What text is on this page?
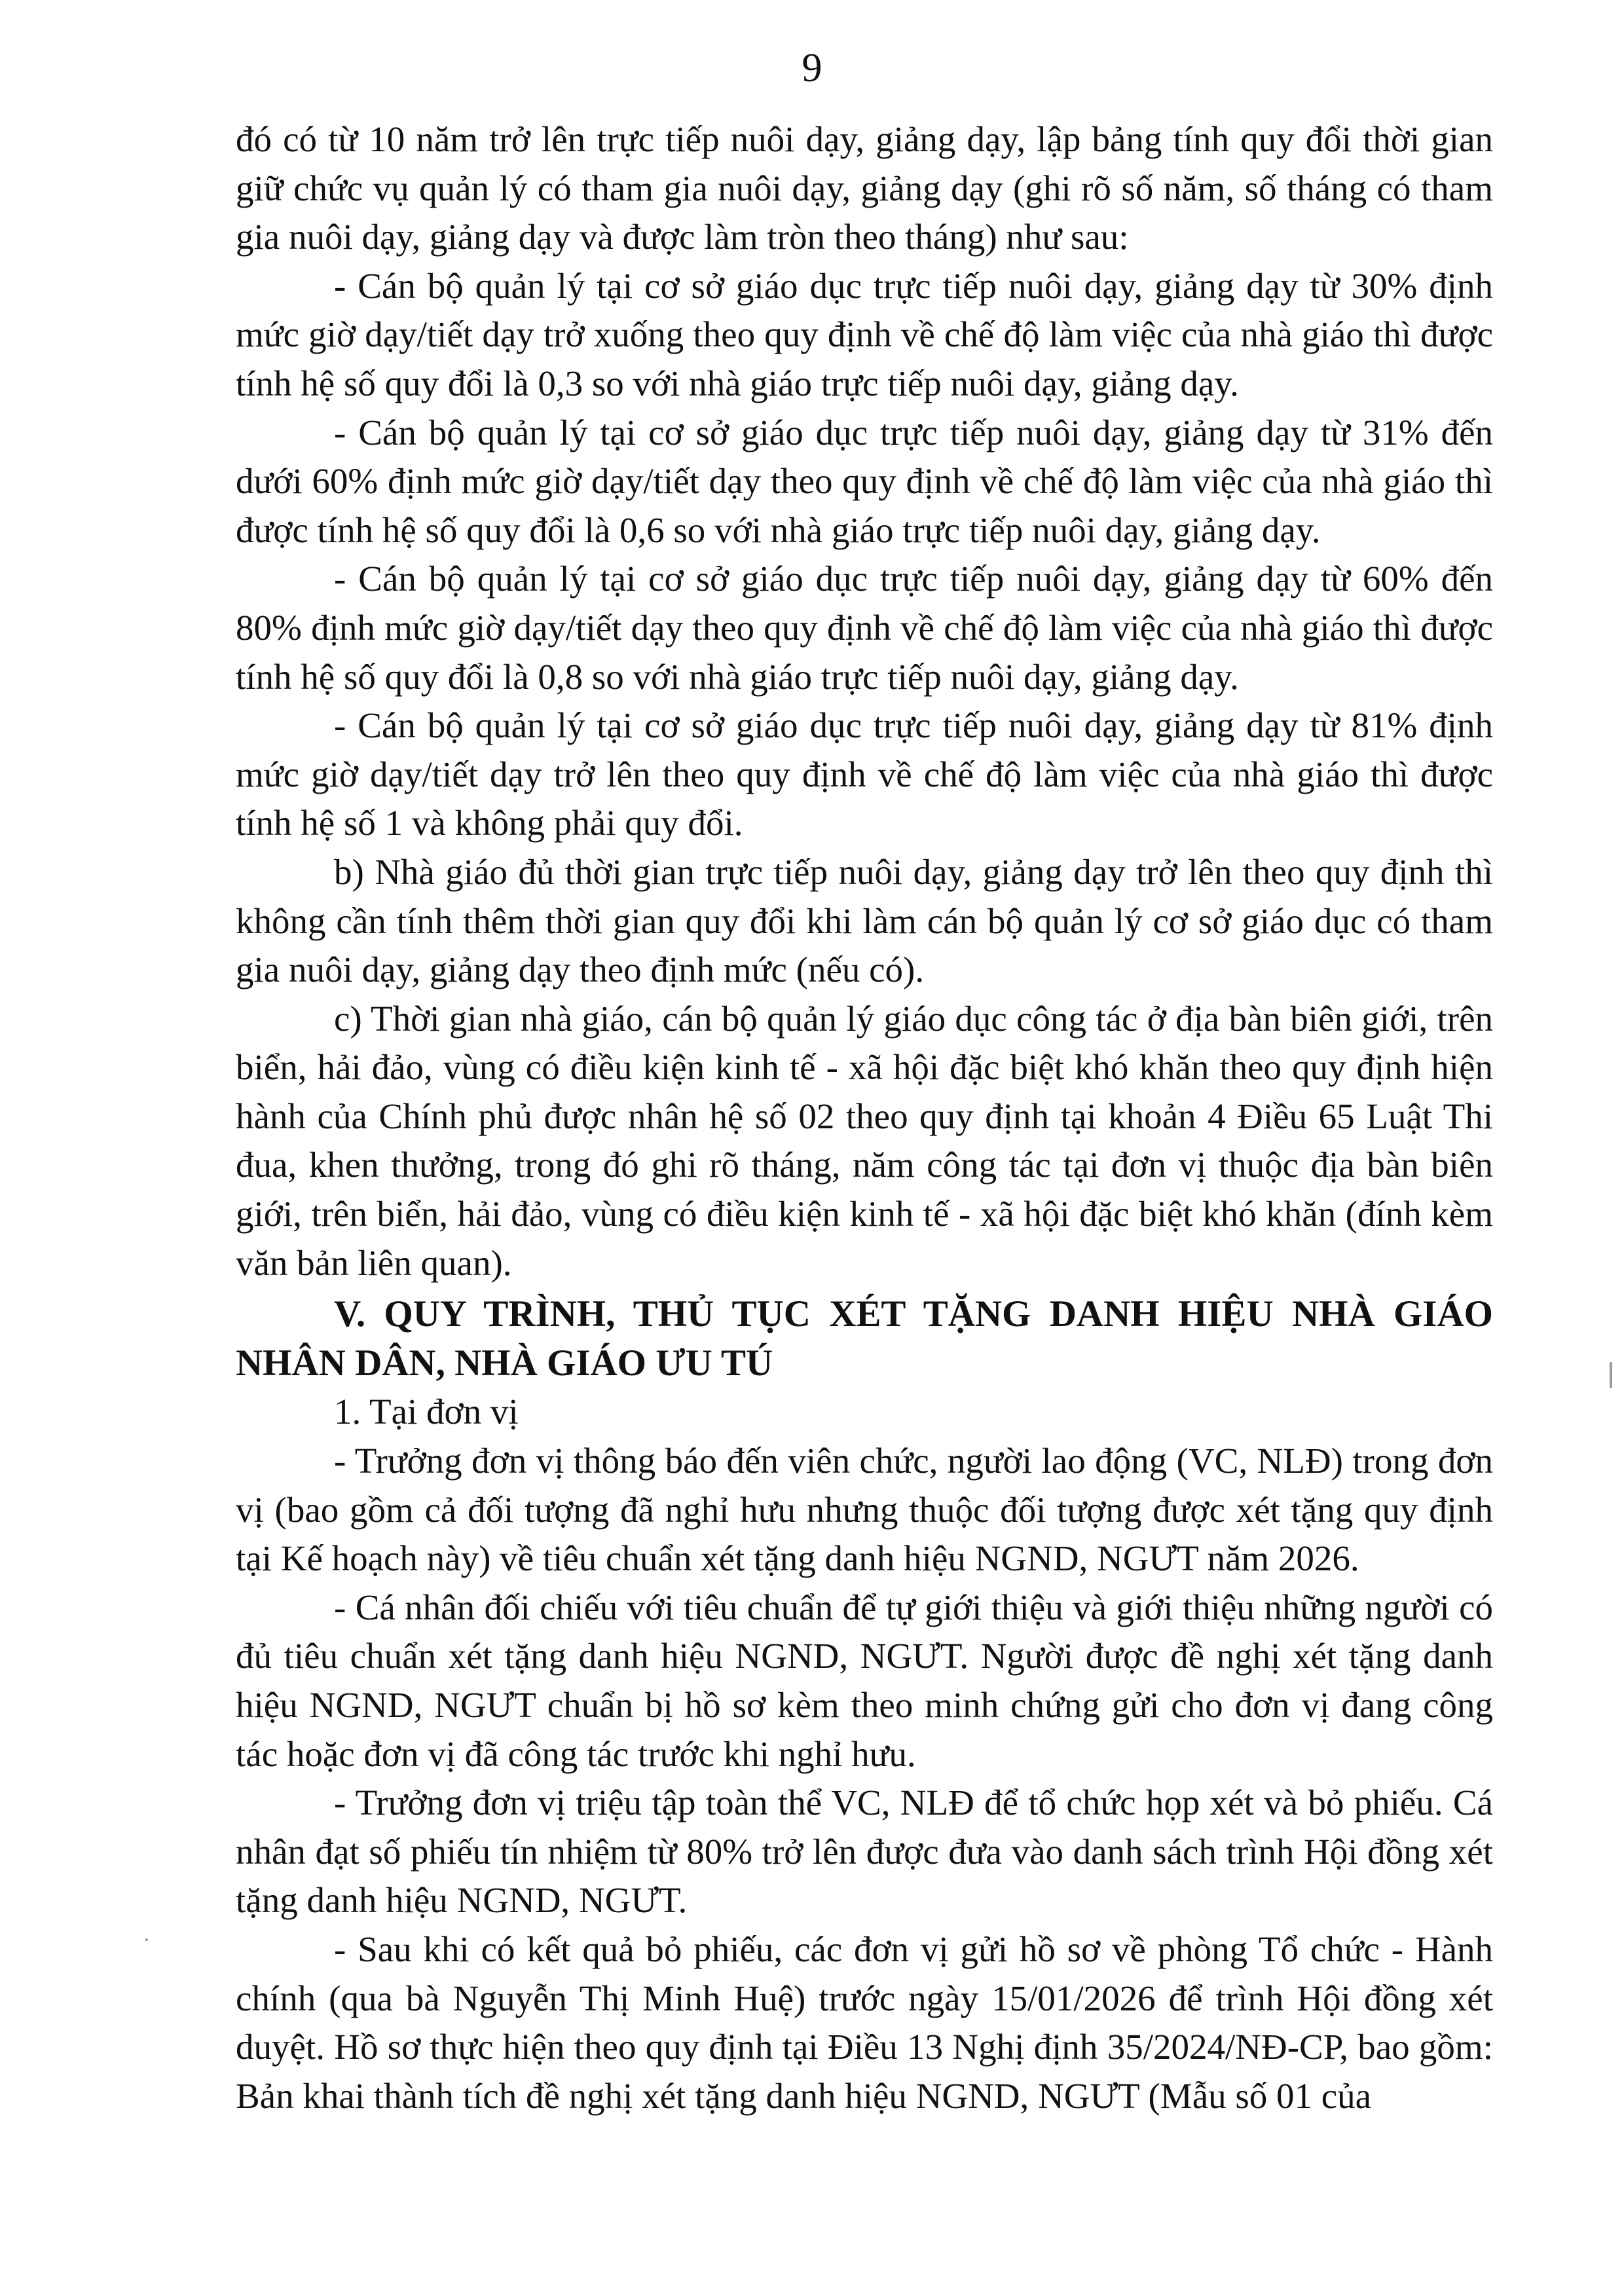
9

đó có từ 10 năm trở lên trực tiếp nuôi dạy, giảng dạy, lập bảng tính quy đổi thời gian giữ chức vụ quản lý có tham gia nuôi dạy, giảng dạy (ghi rõ số năm, số tháng có tham gia nuôi dạy, giảng dạy và được làm tròn theo tháng) như sau:

- Cán bộ quản lý tại cơ sở giáo dục trực tiếp nuôi dạy, giảng dạy từ 30% định mức giờ dạy/tiết dạy trở xuống theo quy định về chế độ làm việc của nhà giáo thì được tính hệ số quy đổi là 0,3 so với nhà giáo trực tiếp nuôi dạy, giảng dạy.

- Cán bộ quản lý tại cơ sở giáo dục trực tiếp nuôi dạy, giảng dạy từ 31% đến dưới 60% định mức giờ dạy/tiết dạy theo quy định về chế độ làm việc của nhà giáo thì được tính hệ số quy đổi là 0,6 so với nhà giáo trực tiếp nuôi dạy, giảng dạy.

- Cán bộ quản lý tại cơ sở giáo dục trực tiếp nuôi dạy, giảng dạy từ 60% đến 80% định mức giờ dạy/tiết dạy theo quy định về chế độ làm việc của nhà giáo thì được tính hệ số quy đổi là 0,8 so với nhà giáo trực tiếp nuôi dạy, giảng dạy.

- Cán bộ quản lý tại cơ sở giáo dục trực tiếp nuôi dạy, giảng dạy từ 81% định mức giờ dạy/tiết dạy trở lên theo quy định về chế độ làm việc của nhà giáo thì được tính hệ số 1 và không phải quy đổi.

b) Nhà giáo đủ thời gian trực tiếp nuôi dạy, giảng dạy trở lên theo quy định thì không cần tính thêm thời gian quy đổi khi làm cán bộ quản lý cơ sở giáo dục có tham gia nuôi dạy, giảng dạy theo định mức (nếu có).

c) Thời gian nhà giáo, cán bộ quản lý giáo dục công tác ở địa bàn biên giới, trên biển, hải đảo, vùng có điều kiện kinh tế - xã hội đặc biệt khó khăn theo quy định hiện hành của Chính phủ được nhân hệ số 02 theo quy định tại khoản 4 Điều 65 Luật Thi đua, khen thưởng, trong đó ghi rõ tháng, năm công tác tại đơn vị thuộc địa bàn biên giới, trên biển, hải đảo, vùng có điều kiện kinh tế - xã hội đặc biệt khó khăn (đính kèm văn bản liên quan).

V. QUY TRÌNH, THỦ TỤC XÉT TẶNG DANH HIỆU NHÀ GIÁO NHÂN DÂN, NHÀ GIÁO ƯU TÚ

1. Tại đơn vị

- Trưởng đơn vị thông báo đến viên chức, người lao động (VC, NLĐ) trong đơn vị (bao gồm cả đối tượng đã nghỉ hưu nhưng thuộc đối tượng được xét tặng quy định tại Kế hoạch này) về tiêu chuẩn xét tặng danh hiệu NGND, NGƯT năm 2026.

- Cá nhân đối chiếu với tiêu chuẩn để tự giới thiệu và giới thiệu những người có đủ tiêu chuẩn xét tặng danh hiệu NGND, NGƯT. Người được đề nghị xét tặng danh hiệu NGND, NGƯT chuẩn bị hồ sơ kèm theo minh chứng gửi cho đơn vị đang công tác hoặc đơn vị đã công tác trước khi nghỉ hưu.

- Trưởng đơn vị triệu tập toàn thể VC, NLĐ để tổ chức họp xét và bỏ phiếu. Cá nhân đạt số phiếu tín nhiệm từ 80% trở lên được đưa vào danh sách trình Hội đồng xét tặng danh hiệu NGND, NGƯT.

- Sau khi có kết quả bỏ phiếu, các đơn vị gửi hồ sơ về phòng Tổ chức - Hành chính (qua bà Nguyễn Thị Minh Huệ) trước ngày 15/01/2026 để trình Hội đồng xét duyệt. Hồ sơ thực hiện theo quy định tại Điều 13 Nghị định 35/2024/NĐ-CP, bao gồm: Bản khai thành tích đề nghị xét tặng danh hiệu NGND, NGƯT (Mẫu số 01 của
